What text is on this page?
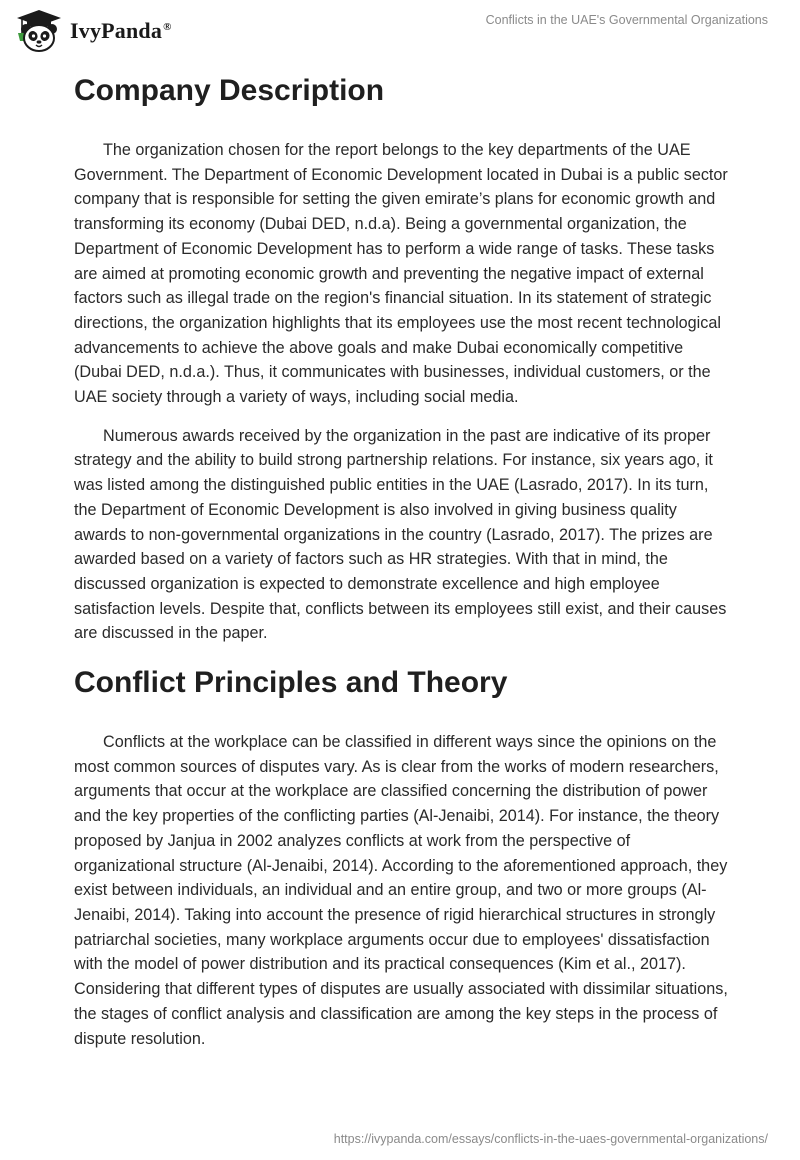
IvyPanda®	Conflicts in the UAE's Governmental Organizations
Company Description

The organization chosen for the report belongs to the key departments of the UAE Government. The Department of Economic Development located in Dubai is a public sector company that is responsible for setting the given emirate’s plans for economic growth and transforming its economy (Dubai DED, n.d.a). Being a governmental organization, the Department of Economic Development has to perform a wide range of tasks. These tasks are aimed at promoting economic growth and preventing the negative impact of external factors such as illegal trade on the region's financial situation. In its statement of strategic directions, the organization highlights that its employees use the most recent technological advancements to achieve the above goals and make Dubai economically competitive (Dubai DED, n.d.a.). Thus, it communicates with businesses, individual customers, or the UAE society through a variety of ways, including social media.

Numerous awards received by the organization in the past are indicative of its proper strategy and the ability to build strong partnership relations. For instance, six years ago, it was listed among the distinguished public entities in the UAE (Lasrado, 2017). In its turn, the Department of Economic Development is also involved in giving business quality awards to non-governmental organizations in the country (Lasrado, 2017). The prizes are awarded based on a variety of factors such as HR strategies. With that in mind, the discussed organization is expected to demonstrate excellence and high employee satisfaction levels. Despite that, conflicts between its employees still exist, and their causes are discussed in the paper.

Conflict Principles and Theory

Conflicts at the workplace can be classified in different ways since the opinions on the most common sources of disputes vary. As is clear from the works of modern researchers, arguments that occur at the workplace are classified concerning the distribution of power and the key properties of the conflicting parties (Al-Jenaibi, 2014). For instance, the theory proposed by Janjua in 2002 analyzes conflicts at work from the perspective of organizational structure (Al-Jenaibi, 2014). According to the aforementioned approach, they exist between individuals, an individual and an entire group, and two or more groups (Al-Jenaibi, 2014). Taking into account the presence of rigid hierarchical structures in strongly patriarchal societies, many workplace arguments occur due to employees' dissatisfaction with the model of power distribution and its practical consequences (Kim et al., 2017). Considering that different types of disputes are usually associated with dissimilar situations, the stages of conflict analysis and classification are among the key steps in the process of dispute resolution.

https://ivypanda.com/essays/conflicts-in-the-uaes-governmental-organizations/
